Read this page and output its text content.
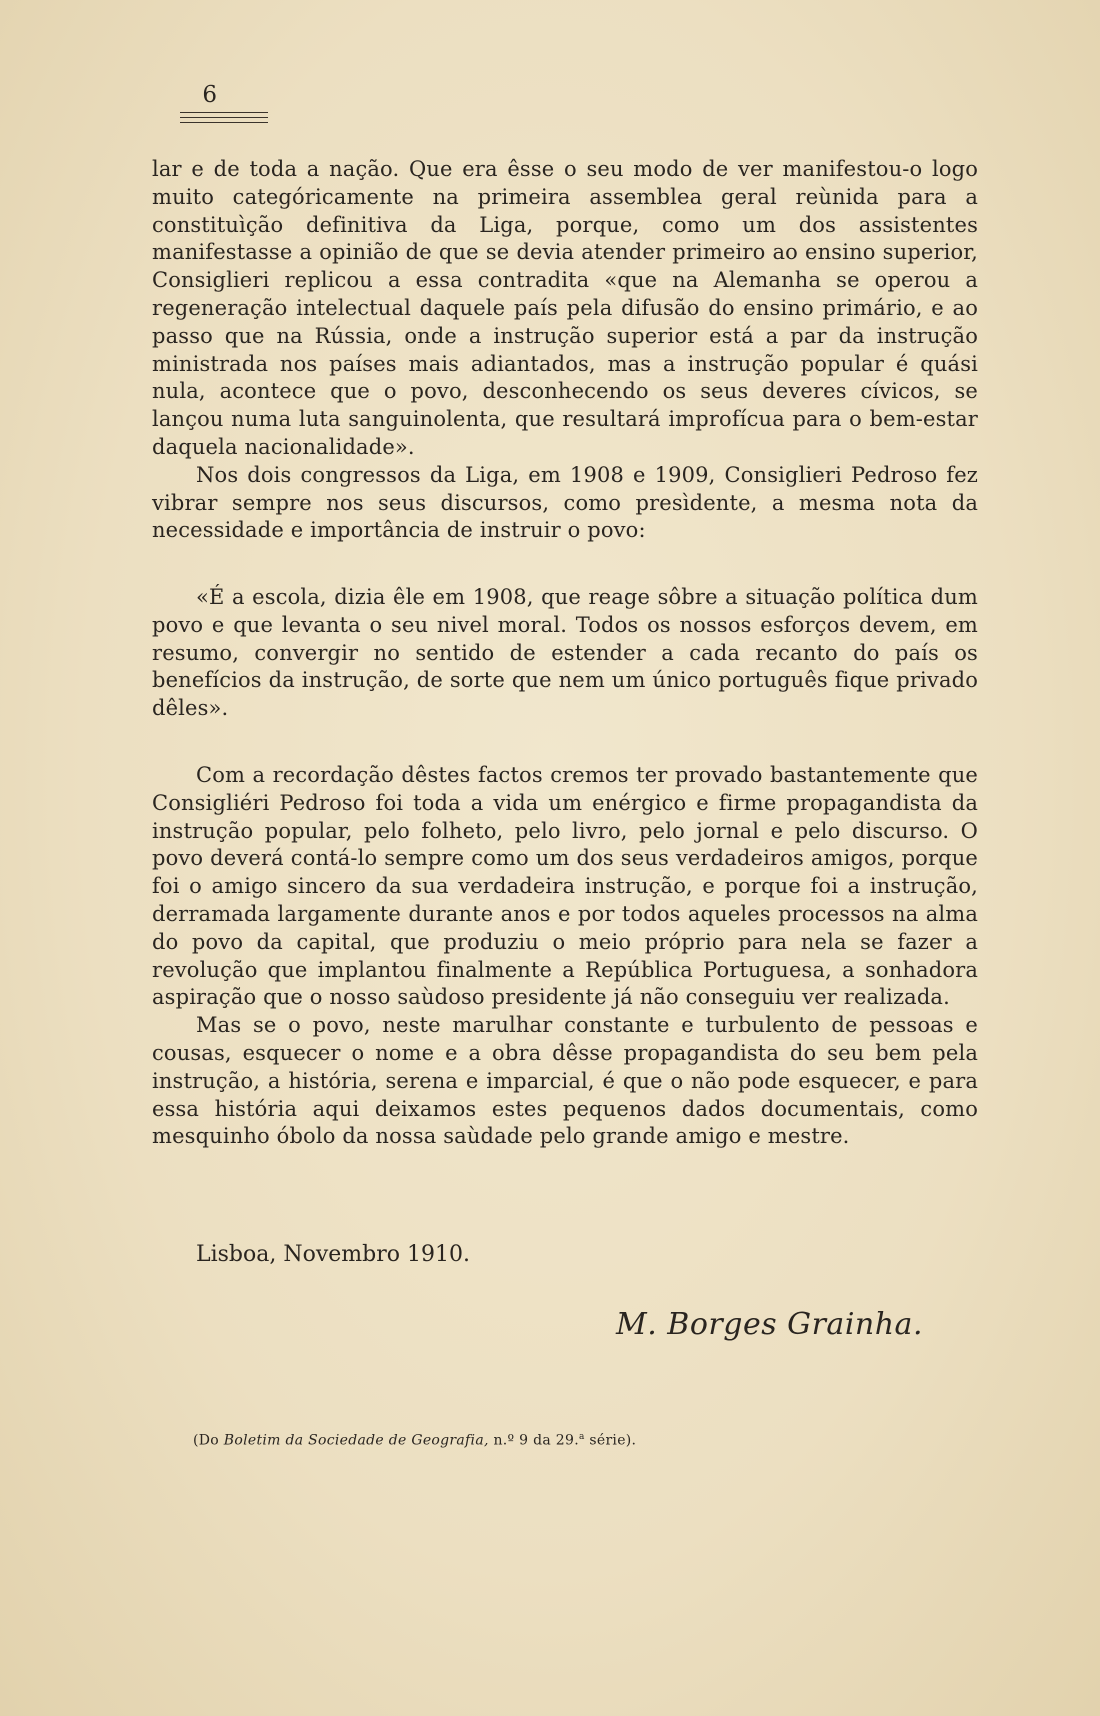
6

lar e de toda a nação. Que era êsse o seu modo de ver manifestou-o logo muito categóricamente na primeira assemblea geral reùnida para a constituìção definitiva da Liga, porque, como um dos assistentes manifestasse a opinião de que se devia atender primeiro ao ensino superior, Consiglieri replicou a essa contradita «que na Alemanha se operou a regeneração intelectual daquele país pela difusão do ensino primário, e ao passo que na Rússia, onde a instrução superior está a par da instrução ministrada nos países mais adiantados, mas a instrução popular é quási nula, acontece que o povo, desconhecendo os seus deveres cívicos, se lançou numa luta sanguinolenta, que resultará improfícua para o bem-estar daquela nacionalidade».

Nos dois congressos da Liga, em 1908 e 1909, Consiglieri Pedroso fez vibrar sempre nos seus discursos, como presìdente, a mesma nota da necessidade e importância de instruir o povo:

«É a escola, dizia êle em 1908, que reage sôbre a situação política dum povo e que levanta o seu nivel moral. Todos os nossos esforços devem, em resumo, convergir no sentido de estender a cada recanto do país os benefícios da instrução, de sorte que nem um único português fique privado dêles».

Com a recordação dêstes factos cremos ter provado bastantemente que Consigliéri Pedroso foi toda a vida um enérgico e firme propagandista da instrução popular, pelo folheto, pelo livro, pelo jornal e pelo discurso. O povo deverá contá-lo sempre como um dos seus verdadeiros amigos, porque foi o amigo sincero da sua verdadeira instrução, e porque foi a instrução, derramada largamente durante anos e por todos aqueles processos na alma do povo da capital, que produziu o meio próprio para nela se fazer a revolução que implantou finalmente a República Portuguesa, a sonhadora aspiração que o nosso saùdoso presidente já não conseguiu ver realizada.

Mas se o povo, neste marulhar constante e turbulento de pessoas e cousas, esquecer o nome e a obra dêsse propagandista do seu bem pela instrução, a história, serena e imparcial, é que o não pode esquecer, e para essa história aqui deixamos estes pequenos dados documentais, como mesquinho óbolo da nossa saùdade pelo grande amigo e mestre.

Lisboa, Novembro 1910.
M. Borges Grainha.
(Do Boletim da Sociedade de Geografia, n.º 9 da 29.$^a$ série).
